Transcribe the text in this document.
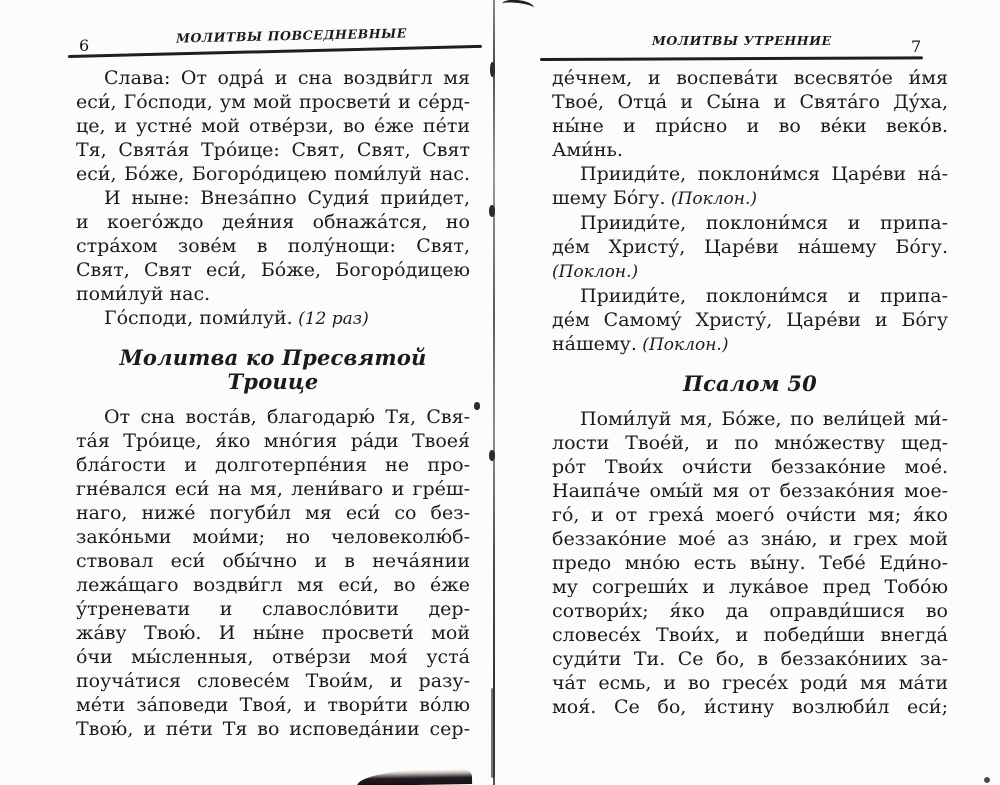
6	МОЛИТВЫ ПОВСЕДНЕВНЫЕ	МОЛИТВЫ УТРЕННИЕ	7
Слава: От одра́ и сна воздви́гл мя
еси́, Го́споди, ум мой просвети́ и се́рд-
це, и устне́ мой отве́рзи, во е́же пе́ти
Тя, Свята́я Тро́ице: Свят, Свят, Свят
еси́, Бо́же, Богоро́дицею поми́луй нас.
И ныне: Внеза́пно Судия́ прии́дет,
и коего́ждо дея́ния обнажа́тся, но
стра́хом зове́м в полу́нощи: Свят,
Свят, Свят еси́, Бо́же, Богоро́дицею
поми́луй нас.
Го́споди, поми́луй. (12 раз)
Молитва ко Пресвятой Троице
От сна воста́в, благодарю́ Тя, Свя-
та́я Тро́ице, я́ко мно́гия ра́ди Твоея́
бла́гости и долготерпе́ния не про-
гне́вался еси́ на мя, лени́ваго и гре́ш-
наго, ниже́ погуби́л мя еси́ со без-
зако́ньми мои́ми; но человеколю́б-
ствовал еси́ обы́чно и в неча́янии
лежа́щаго воздви́гл мя еси́, во е́же
у́треневати и славосло́вити дер-
жа́ву Твою́. И ны́не просвети́ мой
о́чи мы́сленныя, отве́рзи моя́ уста́
поуча́тися словесе́м Твои́м, и разу-
ме́ти за́поведи Твоя́, и твори́ти во́лю
Твою́, и пе́ти Тя во исповеда́нии сер-
де́чнем, и воспева́ти всесвято́е и́мя
Твое́, Отца́ и Сы́на и Свята́го Ду́ха,
ны́не и при́сно и во ве́ки веко́в.
Ами́нь.
Прииди́те, поклони́мся Царе́ви на́-
шему Бо́гу. (Поклон.)
Прииди́те, поклони́мся и припа-
де́м Христу́, Царе́ви на́шему Бо́гу.
(Поклон.)
Прииди́те, поклони́мся и припа-
де́м Самому́ Христу́, Царе́ви и Бо́гу
на́шему. (Поклон.)
Псалом 50
Поми́луй мя, Бо́же, по вели́цей ми́-
лости Твое́й, и по мно́жеству щед-
ро́т Твои́х очи́сти беззако́ние мое́.
Наипа́че омы́й мя от беззако́ния мое-
го́, и от греха́ моего́ очи́сти мя; я́ко
беззако́ние мое́ аз зна́ю, и грех мой
предо мно́ю есть вы́ну. Тебе́ Еди́но-
му согреши́х и лука́вое пред Тобо́ю
сотвори́х; я́ко да оправди́шися во
словесе́х Твои́х, и победи́ши внегда́
суди́ти Ти. Се бо, в беззако́ниих за-
ча́т есмь, и во гресе́х роди́ мя ма́ти
моя́. Се бо, и́стину возлюби́л еси́;
